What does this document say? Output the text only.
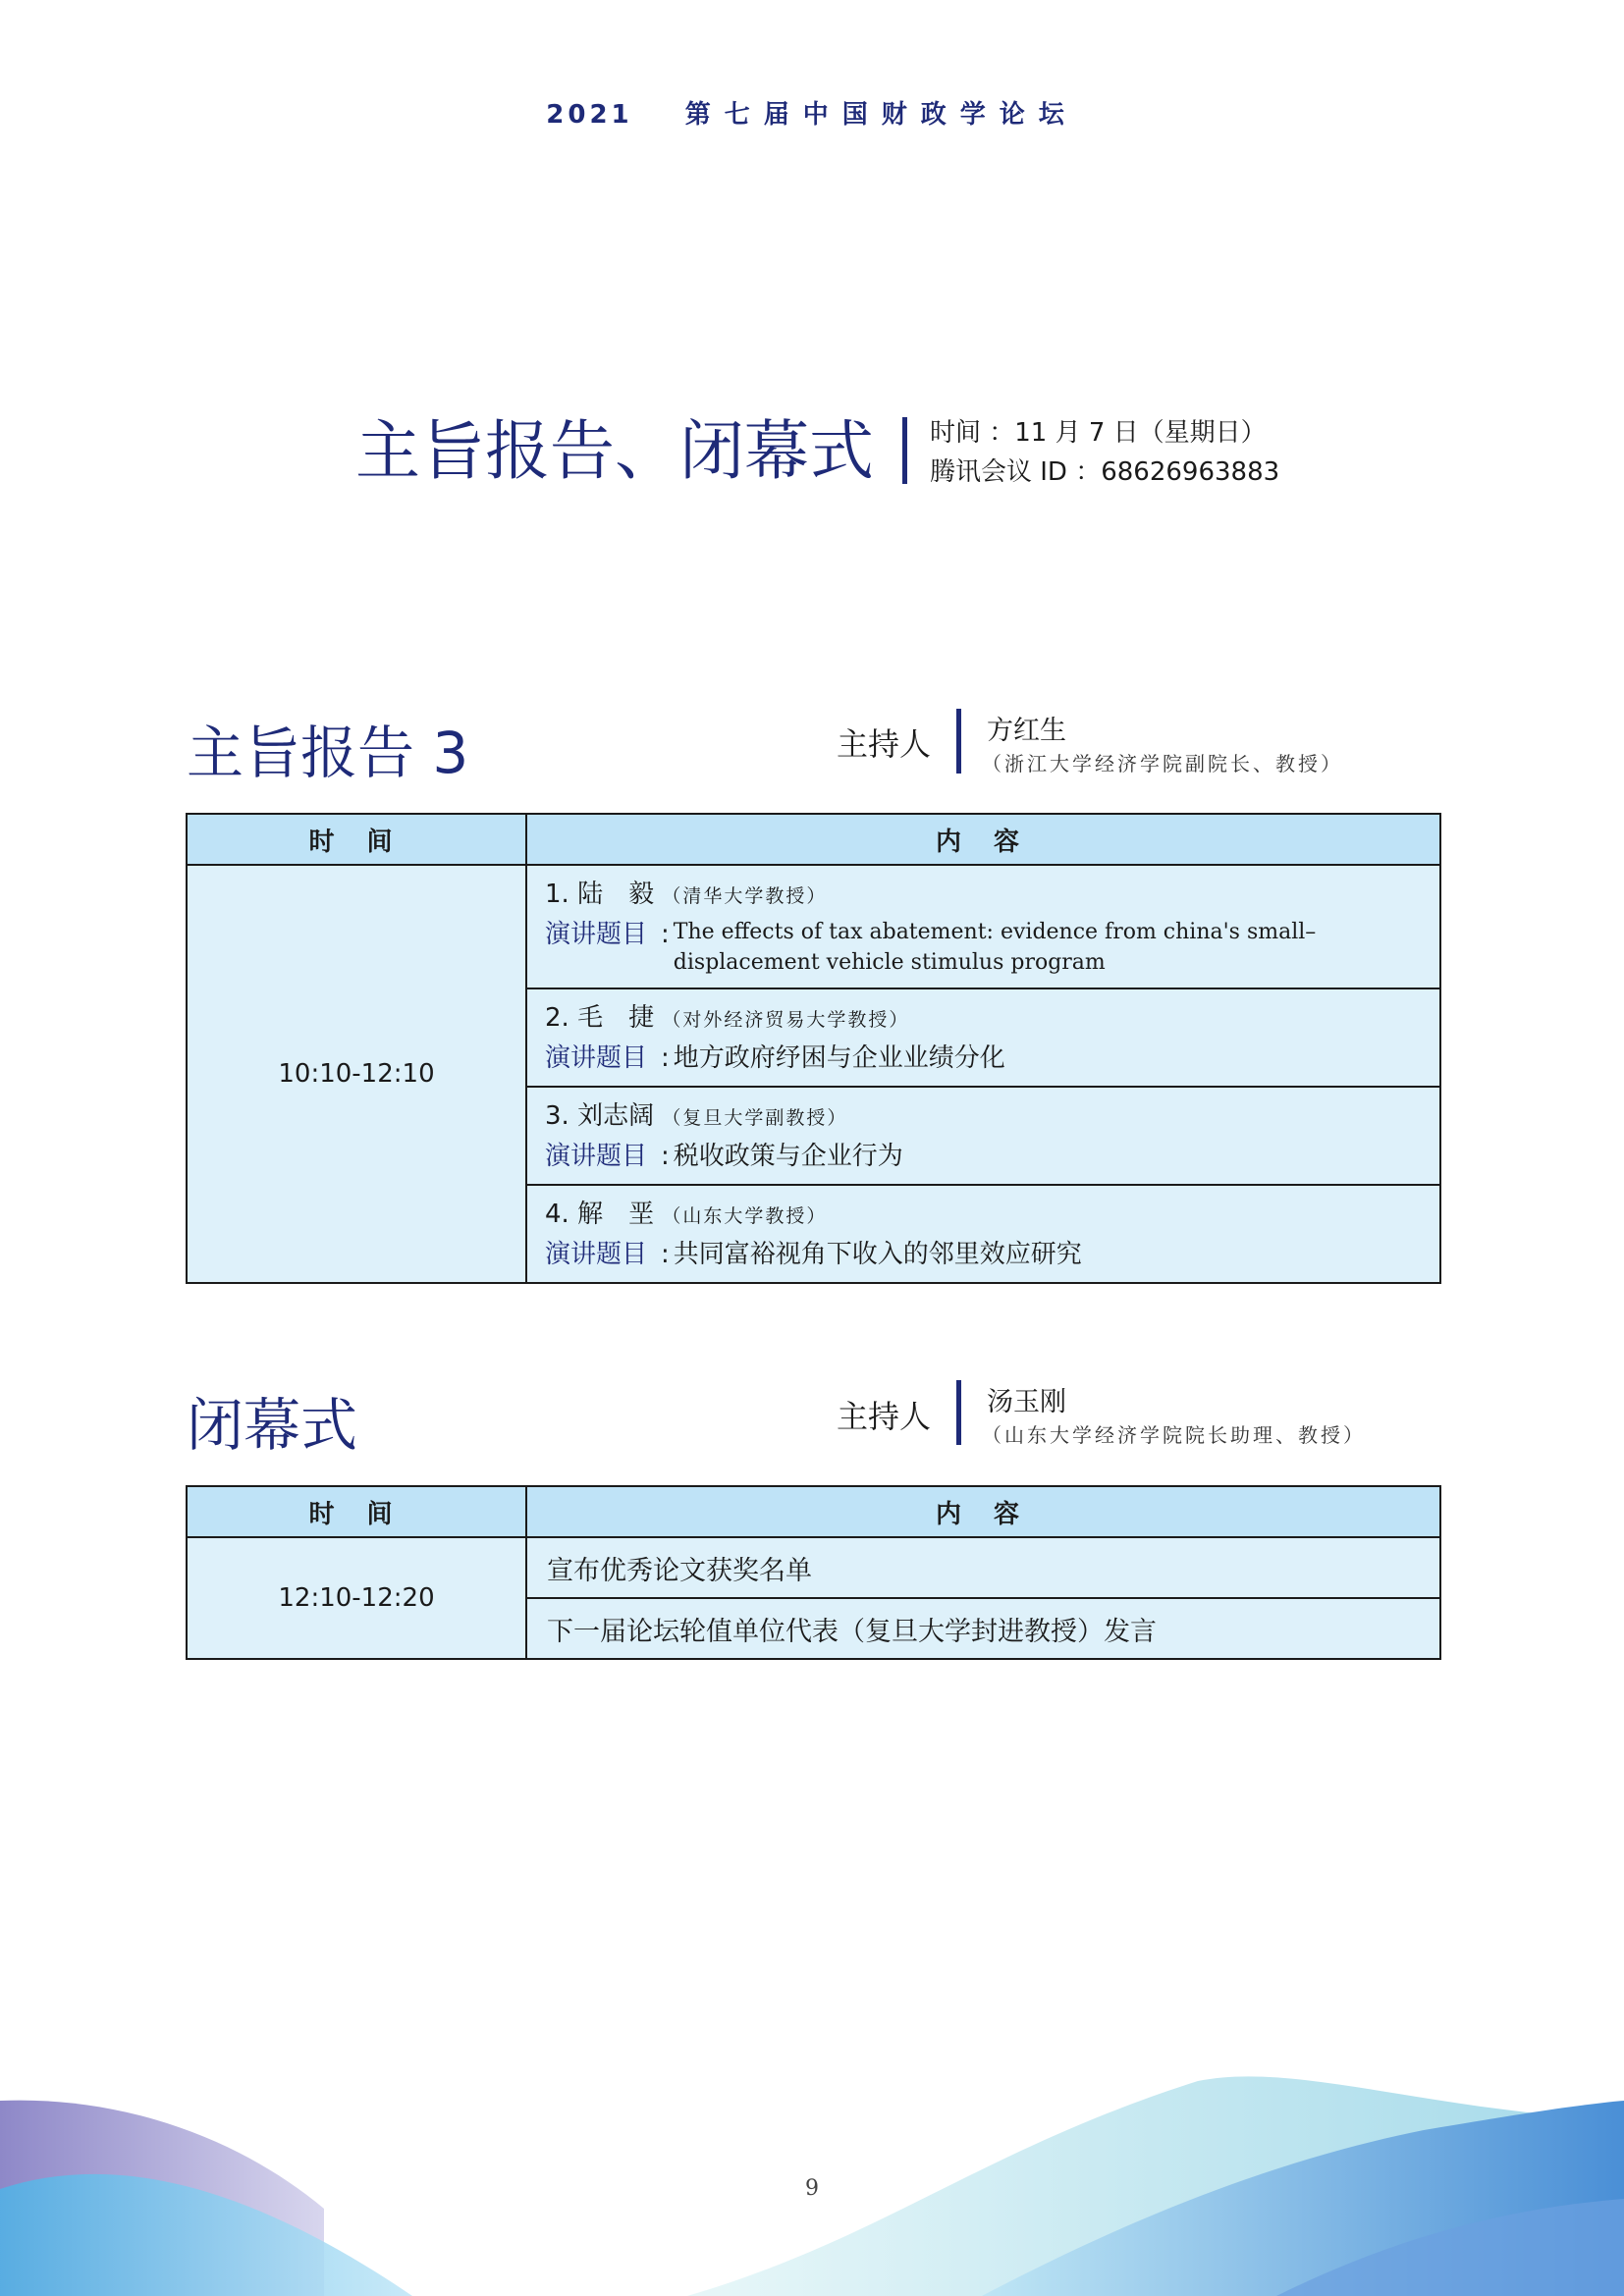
2021 第七届中国财政学论坛
主旨报告、闭幕式 时间 ：11 月 7 日（星期日）
腾讯会议 ID ：68626963883
主旨报告 3	主持人 方红生
（浙江大学经济学院副院长、教授）
时 间	内 容
10:10-12:10	1. 陆　毅 （清华大学教授）
演讲题目 : The effects of tax abatement: evidence from china's small–displacement vehicle stimulus program

	2. 毛　捷 （对外经济贸易大学教授）
演讲题目 : 地方政府纾困与企业业绩分化

	3. 刘志阔 （复旦大学副教授）
演讲题目 : 税收政策与企业行为

	4. 解　垩 （山东大学教授）
演讲题目 : 共同富裕视角下收入的邻里效应研究
闭幕式	主持人 汤玉刚
（山东大学经济学院院长助理、教授）
时 间	内 容
12:10-12:20	宣布优秀论文获奖名单
	下一届论坛轮值单位代表（复旦大学封进教授）发言
9
